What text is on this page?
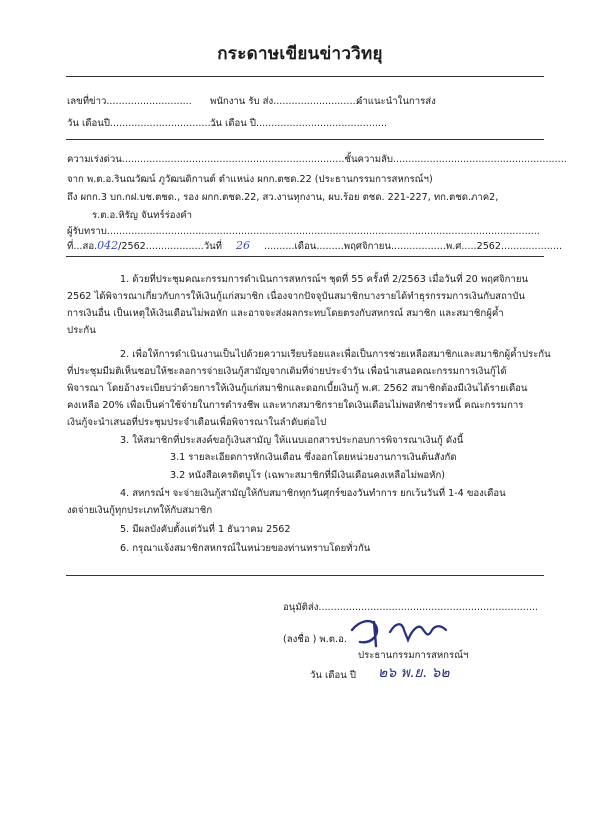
กระดาษเขียนข่าววิทยุ
เลขที่ข่าว............................ พนักงาน รับ ส่ง.............................
คำแนะนำในการส่ง
วัน เดือนปี....................................
วัน เดือน ปี...........................................
ความเร่งด่วน.........................................................................ชั้นความลับ.........................................................
จาก พ.ต.อ.รินณวัฒน์ ภูวัฒนดิกานต์ ตำแหน่ง ผกก.ตชด.22 (ประธานกรรมการสหกรณ์ฯ)
ถึง ผกก.3 บก.กฝ.บช.ตชด., รอง ผกก.ตชด.22, สว.งานทุกงาน, ผบ.ร้อย ตชด. 221-227, ทก.ตชด.ภาค2,
ร.ต.อ.หิรัญ จันทร์ร่องคำ
ผู้รับทราบ..............................................................................................................................................
ที่...สอ.042/2562...................วันที่ 26 ..........เดือน.........พฤศจิกายน..................พ.ศ.....2562....................
1. ด้วยที่ประชุมคณะกรรมการดำเนินการสหกรณ์ฯ ชุดที่ 55 ครั้งที่ 2/2563 เมื่อวันที่ 20 พฤศจิกายน
2562 ได้พิจารณาเกี่ยวกับการให้เงินกู้แก่สมาชิก เนื่องจากปัจจุบันสมาชิกบางรายได้ทำธุรกรรมการเงินกับสถาบัน
การเงินอื่น เป็นเหตุให้เงินเดือนไม่พอหัก และอาจจะส่งผลกระทบโดยตรงกับสหกรณ์ สมาชิก และสมาชิกผู้ค้ำ
ประกัน
2. เพื่อให้การดำเนินงานเป็นไปด้วยความเรียบร้อยและเพื่อเป็นการช่วยเหลือสมาชิกและสมาชิกผู้ค้ำประกัน
ที่ประชุมมีมติเห็นชอบให้ชะลอการจ่ายเงินกู้สามัญจากเดิมที่จ่ายประจำวัน เพื่อนำเสนอคณะกรรมการเงินกู้ได้
พิจารณา โดยอ้างระเบียบว่าด้วยการให้เงินกู้แก่สมาชิกและดอกเบี้ยเงินกู้ พ.ศ. 2562 สมาชิกต้องมีเงินได้รายเดือน
คงเหลือ 20% เพื่อเป็นค่าใช้จ่ายในการดำรงชีพ และหากสมาชิกรายใดเงินเดือนไม่พอหักชำระหนี้ คณะกรรมการ
เงินกู้จะนำเสนอที่ประชุมประจำเดือนเพื่อพิจารณาในลำดับต่อไป
3. ให้สมาชิกที่ประสงค์ขอกู้เงินสามัญ ให้แนบเอกสารประกอบการพิจารณาเงินกู้ ดังนี้
3.1 รายละเอียดการหักเงินเดือน ซึ่งออกโดยหน่วยงานการเงินต้นสังกัด
3.2 หนังสือเครดิตบูโร (เฉพาะสมาชิกที่มีเงินเดือนคงเหลือไม่พอหัก)
4. สหกรณ์ฯ จะจ่ายเงินกู้สามัญให้กับสมาชิกทุกวันศุกร์ของวันทำการ ยกเว้นวันที่ 1-4 ของเดือน
งดจ่ายเงินกู้ทุกประเภทให้กับสมาชิก
5. มีผลบังคับตั้งแต่วันที่ 1 ธันวาคม 2562
6. กรุณาแจ้งสมาชิกสหกรณ์ในหน่วยของท่านทราบโดยทั่วกัน
อนุมัติส่ง........................................................................
(ลงชื่อ ) พ.ต.อ.
ประธานกรรมการสหกรณ์ฯ
วัน เดือน ปี ๒๖ พ.ย. ๖๒
